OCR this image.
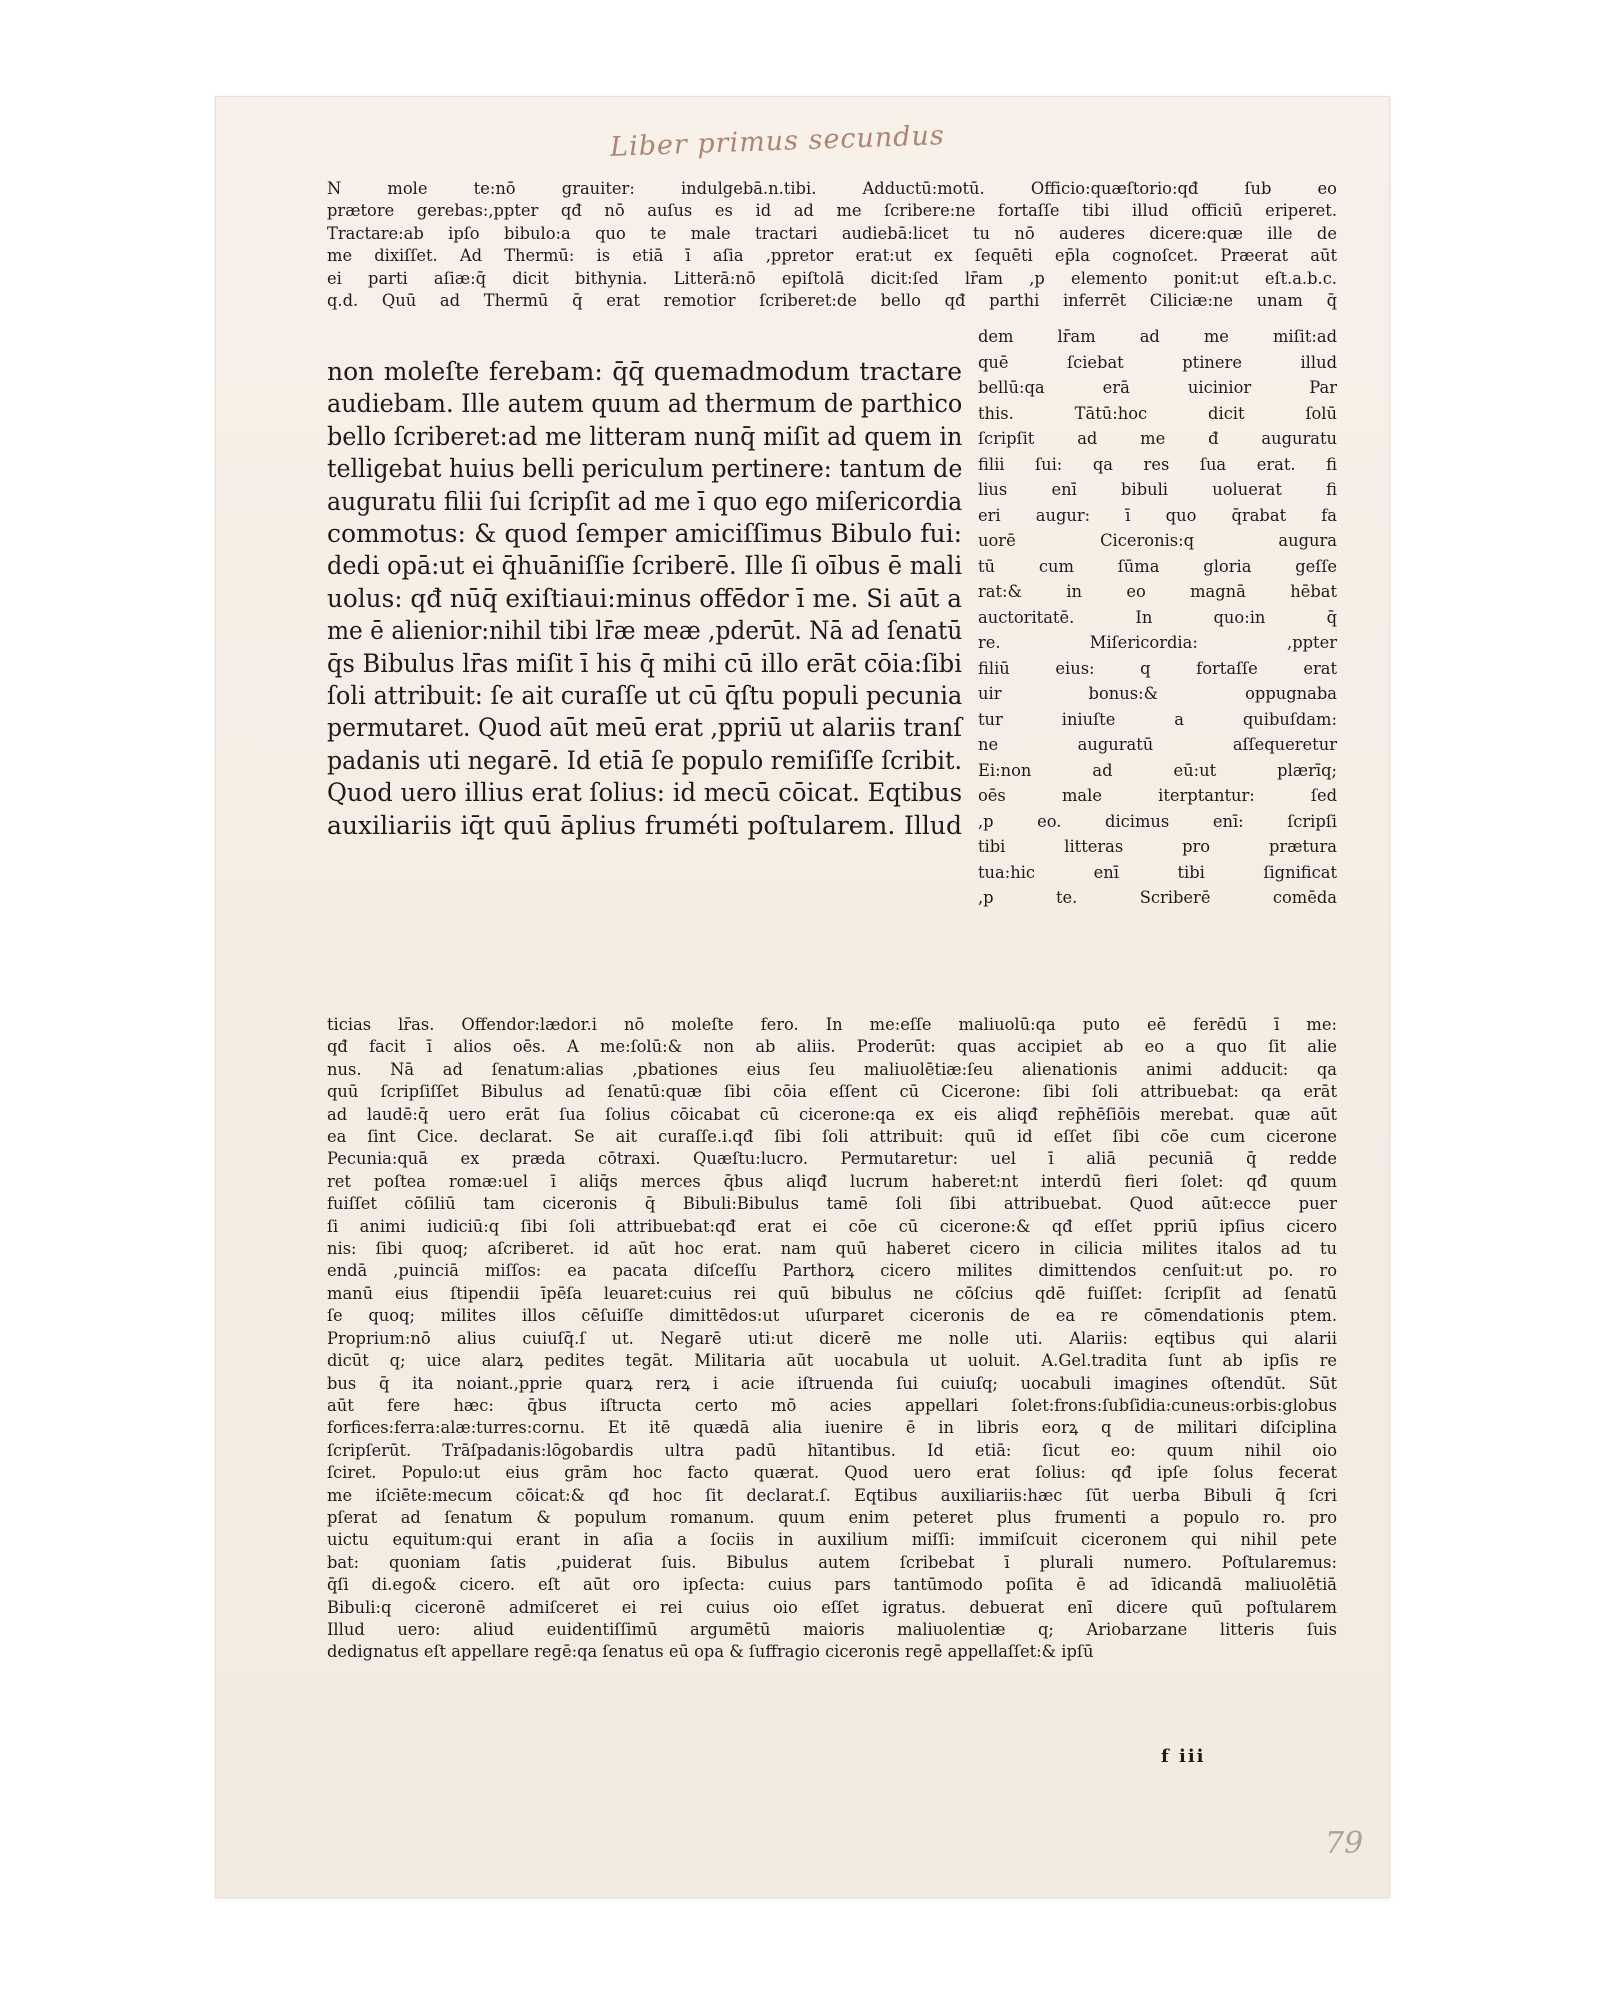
Liber primus secundus
N mole te:nō grauiter: indulgebā.n.tibi. Adductū:motū. Officio:quæſtorio:qđ ſub eo
prætore gerebas:,ppter qđ nō auſus es id ad me ſcribere:ne fortaſſe tibi illud officiū eriperet.
Tractare:ab ipſo bibulo:a quo te male tractari audiebā:licet tu nō auderes dicere:quæ ille de
me dixiſſet. Ad Thermū: is etiā ī aſia ,ppretor erat:ut ex ſequēti ep̄la cognoſcet. Præerat aūt
ei parti aſiæ:q̄ dicit bithynia. Litterā:nō epiſtolā dicit:ſed lr̄am ,p elemento ponit:ut eſt.a.b.c.
q.d. Quū ad Thermū q̄ erat remotior ſcriberet:de bello qđ parthi inferrēt Ciliciæ:ne unam q̄
non moleſte ferebam: q̄q̄ quemadmodum tractare
audiebam. Ille autem quum ad thermum de parthico
bello ſcriberet:ad me litteram nunq̄ miſit ad quem in
telligebat huius belli periculum pertinere: tantum de
auguratu filii ſui ſcripſit ad me ī quo ego miſericordia
commotus: & quod ſemper amiciſſimus Bibulo fui:
dedi opā:ut ei q̄huāniſſie ſcriberē. Ille ſi oībus ē mali
uolus: qđ nūq̄ exiſtiaui:minus offēdor ī me. Si aūt a
me ē alienior:nihil tibi lr̄æ meæ ,pderūt. Nā ad ſenatū
q̄s Bibulus lr̄as miſit ī his q̄ mihi cū illo erāt cōia:ſibi
ſoli attribuit: ſe ait curaſſe ut cū q̄ſtu populi pecunia
permutaret. Quod aūt meū erat ,ppriū ut alariis tranſ
padanis uti negarē. Id etiā ſe populo remiſiſſe ſcribit.
Quod uero illius erat ſolius: id mecū cōicat. Eqtibus
auxiliariis iq̄t quū āplius fruméti poſtularem. Illud
dem lr̄am ad me miſit:ad
quē ſciebat ptinere illud
bellū:qa erā uicinior Par
this. Tātū:hoc dicit ſolū
ſcripſit ad me đ auguratu
filii ſui: qa res ſua erat. fi
lius enī bibuli uoluerat fi
eri augur: ī quo q̄rabat fa
uorē Ciceronis:q augura
tū cum ſūma gloria geſſe
rat:& in eo magnā hēbat
auctoritatē. In quo:in q̄
re. Miſericordia: ,ppter
filiū eius: q fortaſſe erat
uir bonus:& oppugnaba
tur iniuſte a quibuſdam:
ne auguratū aſſequeretur
Ei:non ad eū:ut plærīq;
oēs male iterptantur: ſed
,p eo. dicimus enī: ſcripſi
tibi litteras pro prætura
tua:hic enī tibi ſignificat
,p te. Scriberē comēda
ticias lr̄as. Offendor:lædor.i nō moleſte fero. In me:eſſe maliuolū:qa puto eē ferēdū ī me:
qđ facit ī alios oēs. A me:ſolū:& non ab aliis. Proderūt: quas accipiet ab eo a quo ſit alie
nus. Nā ad ſenatum:alias ,pbationes eius ſeu maliuolētiæ:ſeu alienationis animi adducit: qa
quū ſcripſiſſet Bibulus ad ſenatū:quæ ſibi cōia eſſent cū Cicerone: ſibi ſoli attribuebat: qa erāt
ad laudē:q̄ uero erāt ſua ſolius cōicabat cū cicerone:qa ex eis aliqđ rep̄hēſiōis merebat. quæ aūt
ea ſint Cice. declarat. Se ait curaſſe.i.qđ ſibi ſoli attribuit: quū id eſſet ſibi cōe cum cicerone
Pecunia:quā ex præda cōtraxi. Quæſtu:lucro. Permutaretur: uel ī aliā pecuniā q̄ redde
ret poſtea romæ:uel ī aliq̄s merces q̄bus aliqđ lucrum haberet:nt interdū fieri ſolet: qđ quum
fuiſſet cōſiliū tam ciceronis q̄ Bibuli:Bibulus tamē ſoli ſibi attribuebat. Quod aūt:ecce puer
ſi animi iudiciū:q ſibi ſoli attribuebat:qđ erat ei cōe cū cicerone:& qđ eſſet ppriū ipſius cicero
nis: ſibi quoq; aſcriberet. id aūt hoc erat. nam quū haberet cicero in cilicia milites italos ad tu
endā ,puinciā miſſos: ea pacata diſceſſu Parthorꝝ cicero milites dimittendos cenſuit:ut po. ro
manū eius ſtipendii īpēſa leuaret:cuius rei quū bibulus ne cōſcius qdē fuiſſet: ſcripſit ad ſenatū
ſe quoq; milites illos cēſuiſſe dimittēdos:ut uſurparet ciceronis de ea re cōmendationis ptem.
Proprium:nō alius cuiuſq̄.ſ ut. Negarē uti:ut dicerē me nolle uti. Alariis: eqtibus qui alarii
dicūt q; uice alarꝝ pedites tegāt. Militaria aūt uocabula ut uoluit. A.Gel.tradita ſunt ab ipſis re
bus q̄ ita noiant.,pprie quarꝝ rerꝝ i acie iſtruenda ſui cuiuſq; uocabuli imagines oſtendūt. Sūt
aūt fere hæc: q̄bus iſtructa certo mō acies appellari ſolet:frons:ſubſidia:cuneus:orbis:globus
forfices:ferra:alæ:turres:cornu. Et itē quædā alia iuenire ē in libris eorꝝ q de militari diſciplina
ſcripſerūt. Trāſpadanis:lōgobardis ultra padū hītantibus. Id etiā: ſicut eo: quum nihil oio
ſciret. Populo:ut eius grām hoc facto quærat. Quod uero erat ſolius: qđ ipſe ſolus fecerat
me iſciēte:mecum cōicat:& qđ hoc ſit declarat.ſ. Eqtibus auxiliariis:hæc ſūt uerba Bibuli q̄ ſcri
pſerat ad ſenatum & populum romanum. quum enim peteret plus frumenti a populo ro. pro
uictu equitum:qui erant in aſia a ſociis in auxilium miſſi: immiſcuit ciceronem qui nihil pete
bat: quoniam ſatis ,puiderat ſuis. Bibulus autem ſcribebat ī plurali numero. Poſtularemus:
q̄ſi di.ego& cicero. eſt aūt oro ipſecta: cuius pars tantūmodo poſita ē ad īdicandā maliuolētiā
Bibuli:q ciceronē admiſceret ei rei cuius oio eſſet igratus. debuerat enī dicere quū poſtularem
Illud uero: aliud euidentiſſimū argumētū maioris maliuolentiæ q; Ariobarzane litteris ſuis
dedignatus eſt appellare regē:qa ſenatus eū opa & ſuffragio ciceronis regē appellaſſet:& ipſū
f iii
79
